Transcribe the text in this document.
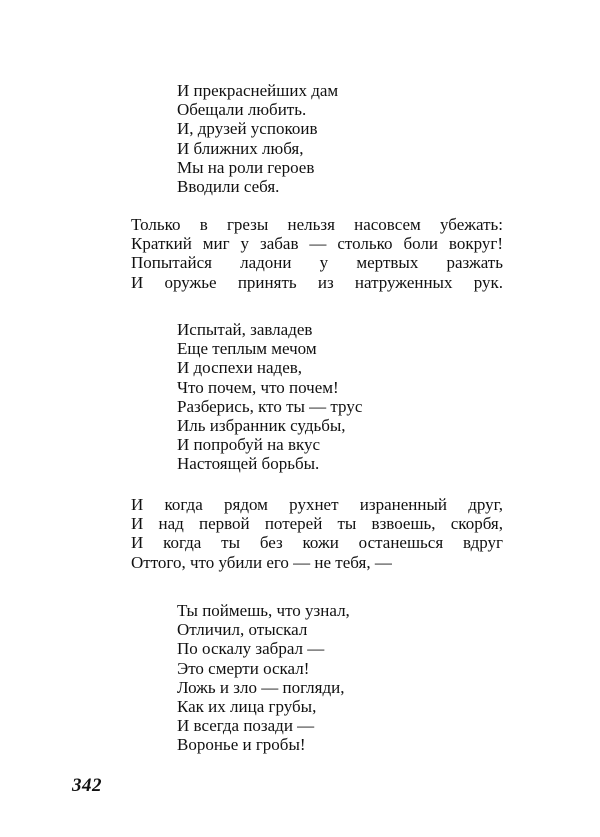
И прекраснейших дам
Обещали любить.
И, друзей успокоив
И ближних любя,
Мы на роли героев
Вводили себя.
Только в грезы нельзя насовсем убежать:
Краткий миг у забав — столько боли вокруг!
Попытайся ладони у мертвых разжать
И оружье принять из натруженных рук.
Испытай, завладев
Еще теплым мечом
И доспехи надев,
Что почем, что почем!
Разберись, кто ты — трус
Иль избранник судьбы,
И попробуй на вкус
Настоящей борьбы.
И когда рядом рухнет израненный друг,
И над первой потерей ты взвоешь, скорбя,
И когда ты без кожи останешься вдруг
Оттого, что убили его — не тебя, —
Ты поймешь, что узнал,
Отличил, отыскал
По оскалу забрал —
Это смерти оскал!
Ложь и зло — погляди,
Как их лица грубы,
И всегда позади —
Воронье и гробы!
342
